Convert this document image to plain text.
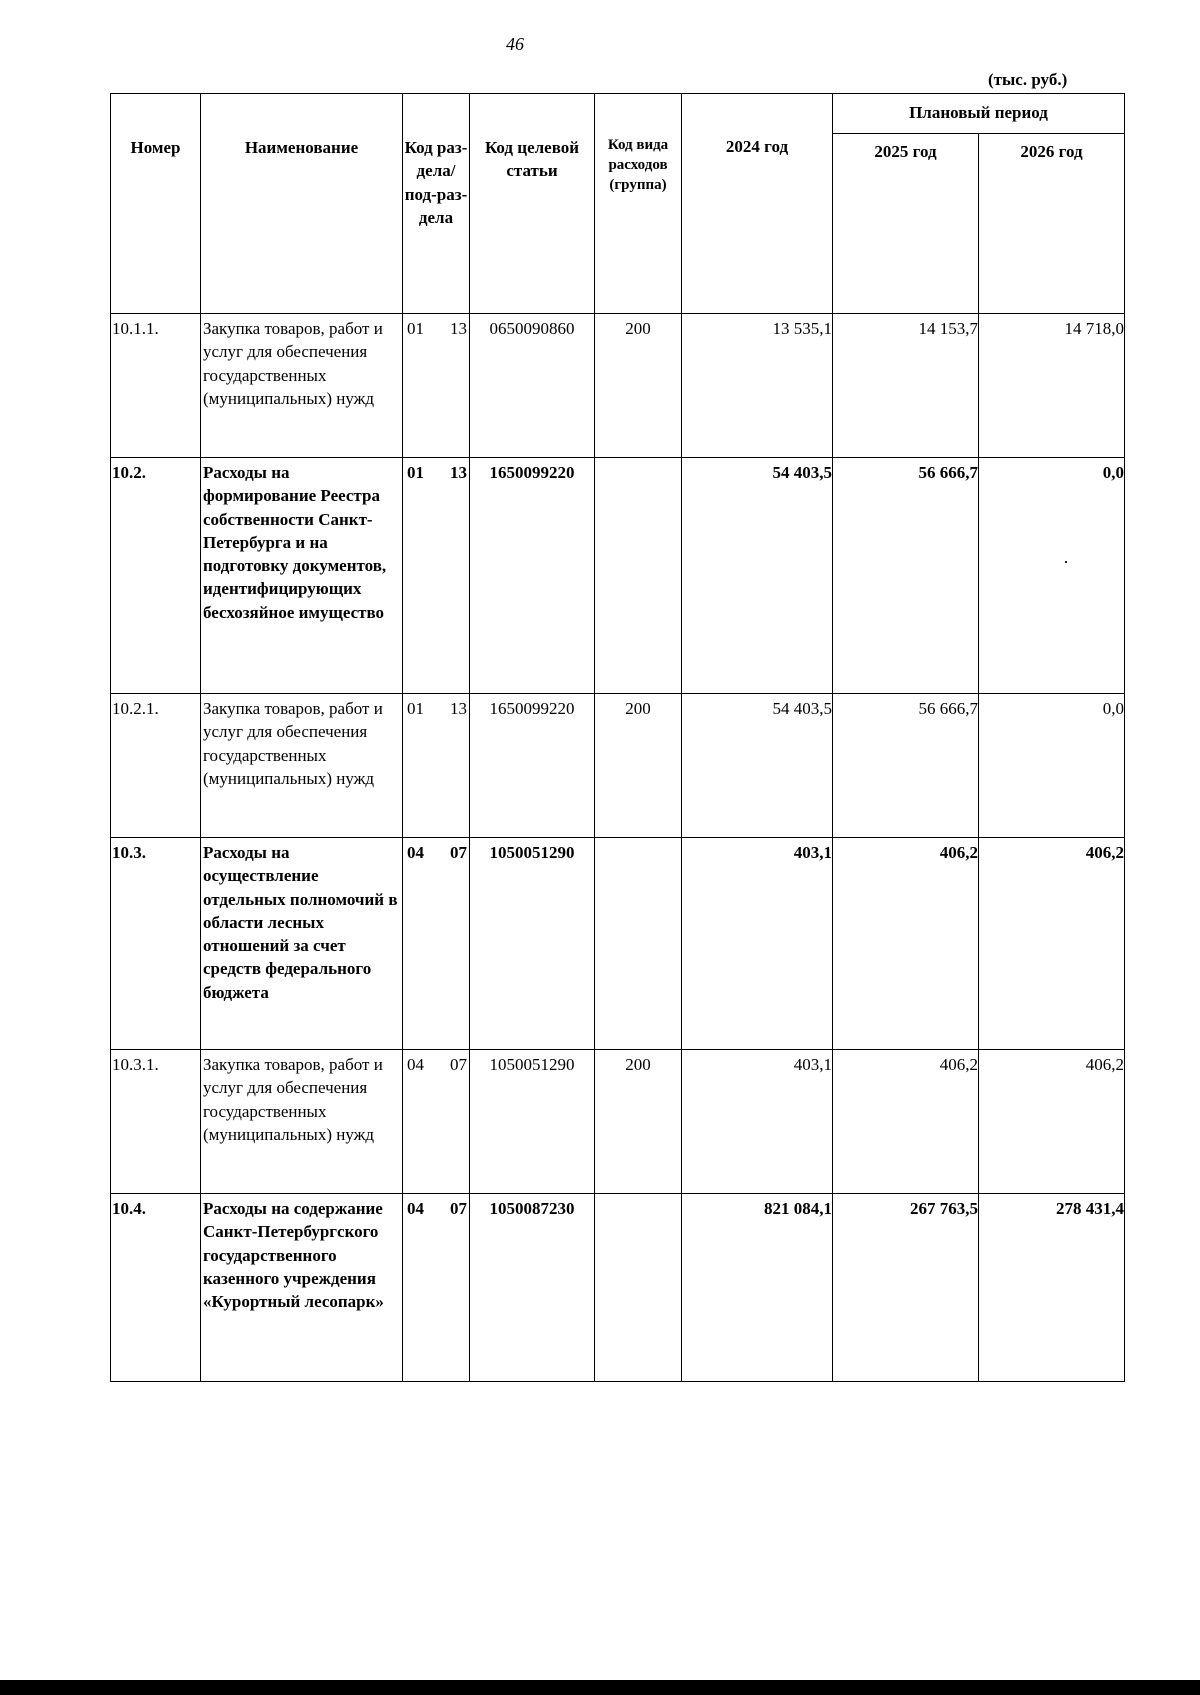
46
(тыс. руб.)
Номер	Наименование	Код раз-дела/ под-раз-дела	Код целевой статьи	Код вида расходов (группа)	2024 год	Плановый период	
						2025 год	2026 год
10.1.1.	Закупка товаров, работ и услуг для обеспечения государственных (муниципальных) нужд	01 13	0650090860	200	13 535,1	14 153,7	14 718,0
10.2.	Расходы на формирование Реестра собственности Санкт-Петербурга и на подготовку документов, идентифицирующих бесхозяйное имущество	01 13	1650099220		54 403,5	56 666,7	0,0
10.2.1.	Закупка товаров, работ и услуг для обеспечения государственных (муниципальных) нужд	01 13	1650099220	200	54 403,5	56 666,7	0,0
10.3.	Расходы на осуществление отдельных полномочий в области лесных отношений за счет средств федерального бюджета	04 07	1050051290		403,1	406,2	406,2
10.3.1.	Закупка товаров, работ и услуг для обеспечения государственных (муниципальных) нужд	04 07	1050051290	200	403,1	406,2	406,2
10.4.	Расходы на содержание Санкт-Петербургского государственного казенного учреждения «Курортный лесопарк»	04 07	1050087230		821 084,1	267 763,5	278 431,4
